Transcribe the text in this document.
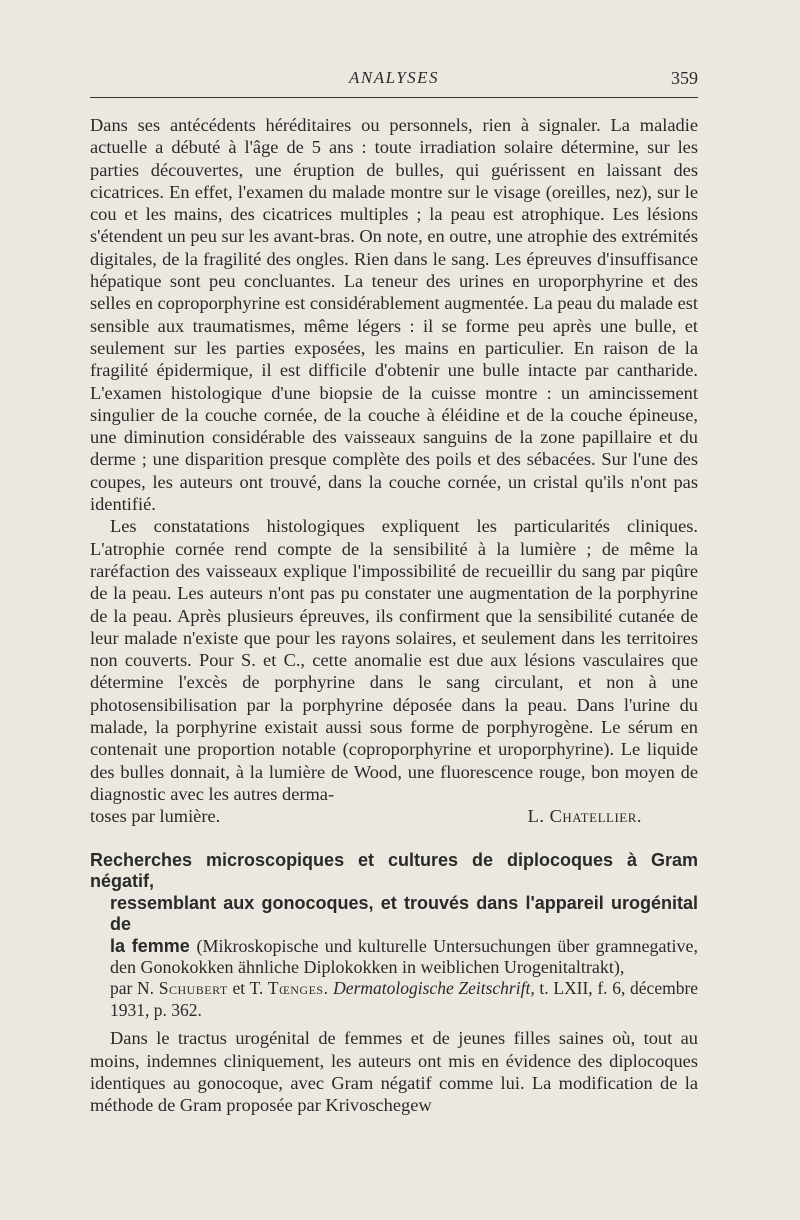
ANALYSES	359

Dans ses antécédents héréditaires ou personnels, rien à signaler. La maladie actuelle a débuté à l'âge de 5 ans : toute irradiation solaire détermine, sur les parties découvertes, une éruption de bulles, qui guérissent en laissant des cicatrices. En effet, l'examen du malade montre sur le visage (oreilles, nez), sur le cou et les mains, des cicatrices multiples ; la peau est atrophique. Les lésions s'étendent un peu sur les avant-bras. On note, en outre, une atrophie des extrémités digitales, de la fragilité des ongles. Rien dans le sang. Les épreuves d'insuffisance hépatique sont peu concluantes. La teneur des urines en uroporphyrine et des selles en coproporphyrine est considérablement augmentée. La peau du malade est sensible aux traumatismes, même légers : il se forme peu après une bulle, et seulement sur les parties exposées, les mains en particulier. En raison de la fragilité épidermique, il est difficile d'obtenir une bulle intacte par cantharide. L'examen histologique d'une biopsie de la cuisse montre : un amincissement singulier de la couche cornée, de la couche à éléidine et de la couche épineuse, une diminution considérable des vaisseaux sanguins de la zone papillaire et du derme ; une disparition presque complète des poils et des sébacées. Sur l'une des coupes, les auteurs ont trouvé, dans la couche cornée, un cristal qu'ils n'ont pas identifié.

Les constatations histologiques expliquent les particularités cliniques. L'atrophie cornée rend compte de la sensibilité à la lumière ; de même la raréfaction des vaisseaux explique l'impossibilité de recueillir du sang par piqûre de la peau. Les auteurs n'ont pas pu constater une augmentation de la porphyrine de la peau. Après plusieurs épreuves, ils confirment que la sensibilité cutanée de leur malade n'existe que pour les rayons solaires, et seulement dans les territoires non couverts. Pour S. et C., cette anomalie est due aux lésions vasculaires que détermine l'excès de porphyrine dans le sang circulant, et non à une photosensibilisation par la porphyrine déposée dans la peau. Dans l'urine du malade, la porphyrine existait aussi sous forme de porphyrogène. Le sérum en contenait une proportion notable (coproporphyrine et uroporphyrine). Le liquide des bulles donnait, à la lumière de Wood, une fluorescence rouge, bon moyen de diagnostic avec les autres derma-

toses par lumière.	L. Chatellier.
Recherches microscopiques et cultures de diplocoques à Gram négatif,
ressemblant aux gonocoques, et trouvés dans l'appareil urogénital de
la femme (Mikroskopische und kulturelle Untersuchungen über gramnegative, den Gonokokken ähnliche Diplokokken in weiblichen Urogenitaltrakt),
par N. Schubert et T. Tœnges. Dermatologische Zeitschrift, t. LXII, f. 6, décembre 1931, p. 362.

Dans le tractus urogénital de femmes et de jeunes filles saines où, tout au moins, indemnes cliniquement, les auteurs ont mis en évidence des diplocoques identiques au gonocoque, avec Gram négatif comme lui. La modification de la méthode de Gram proposée par Krivoschegew
